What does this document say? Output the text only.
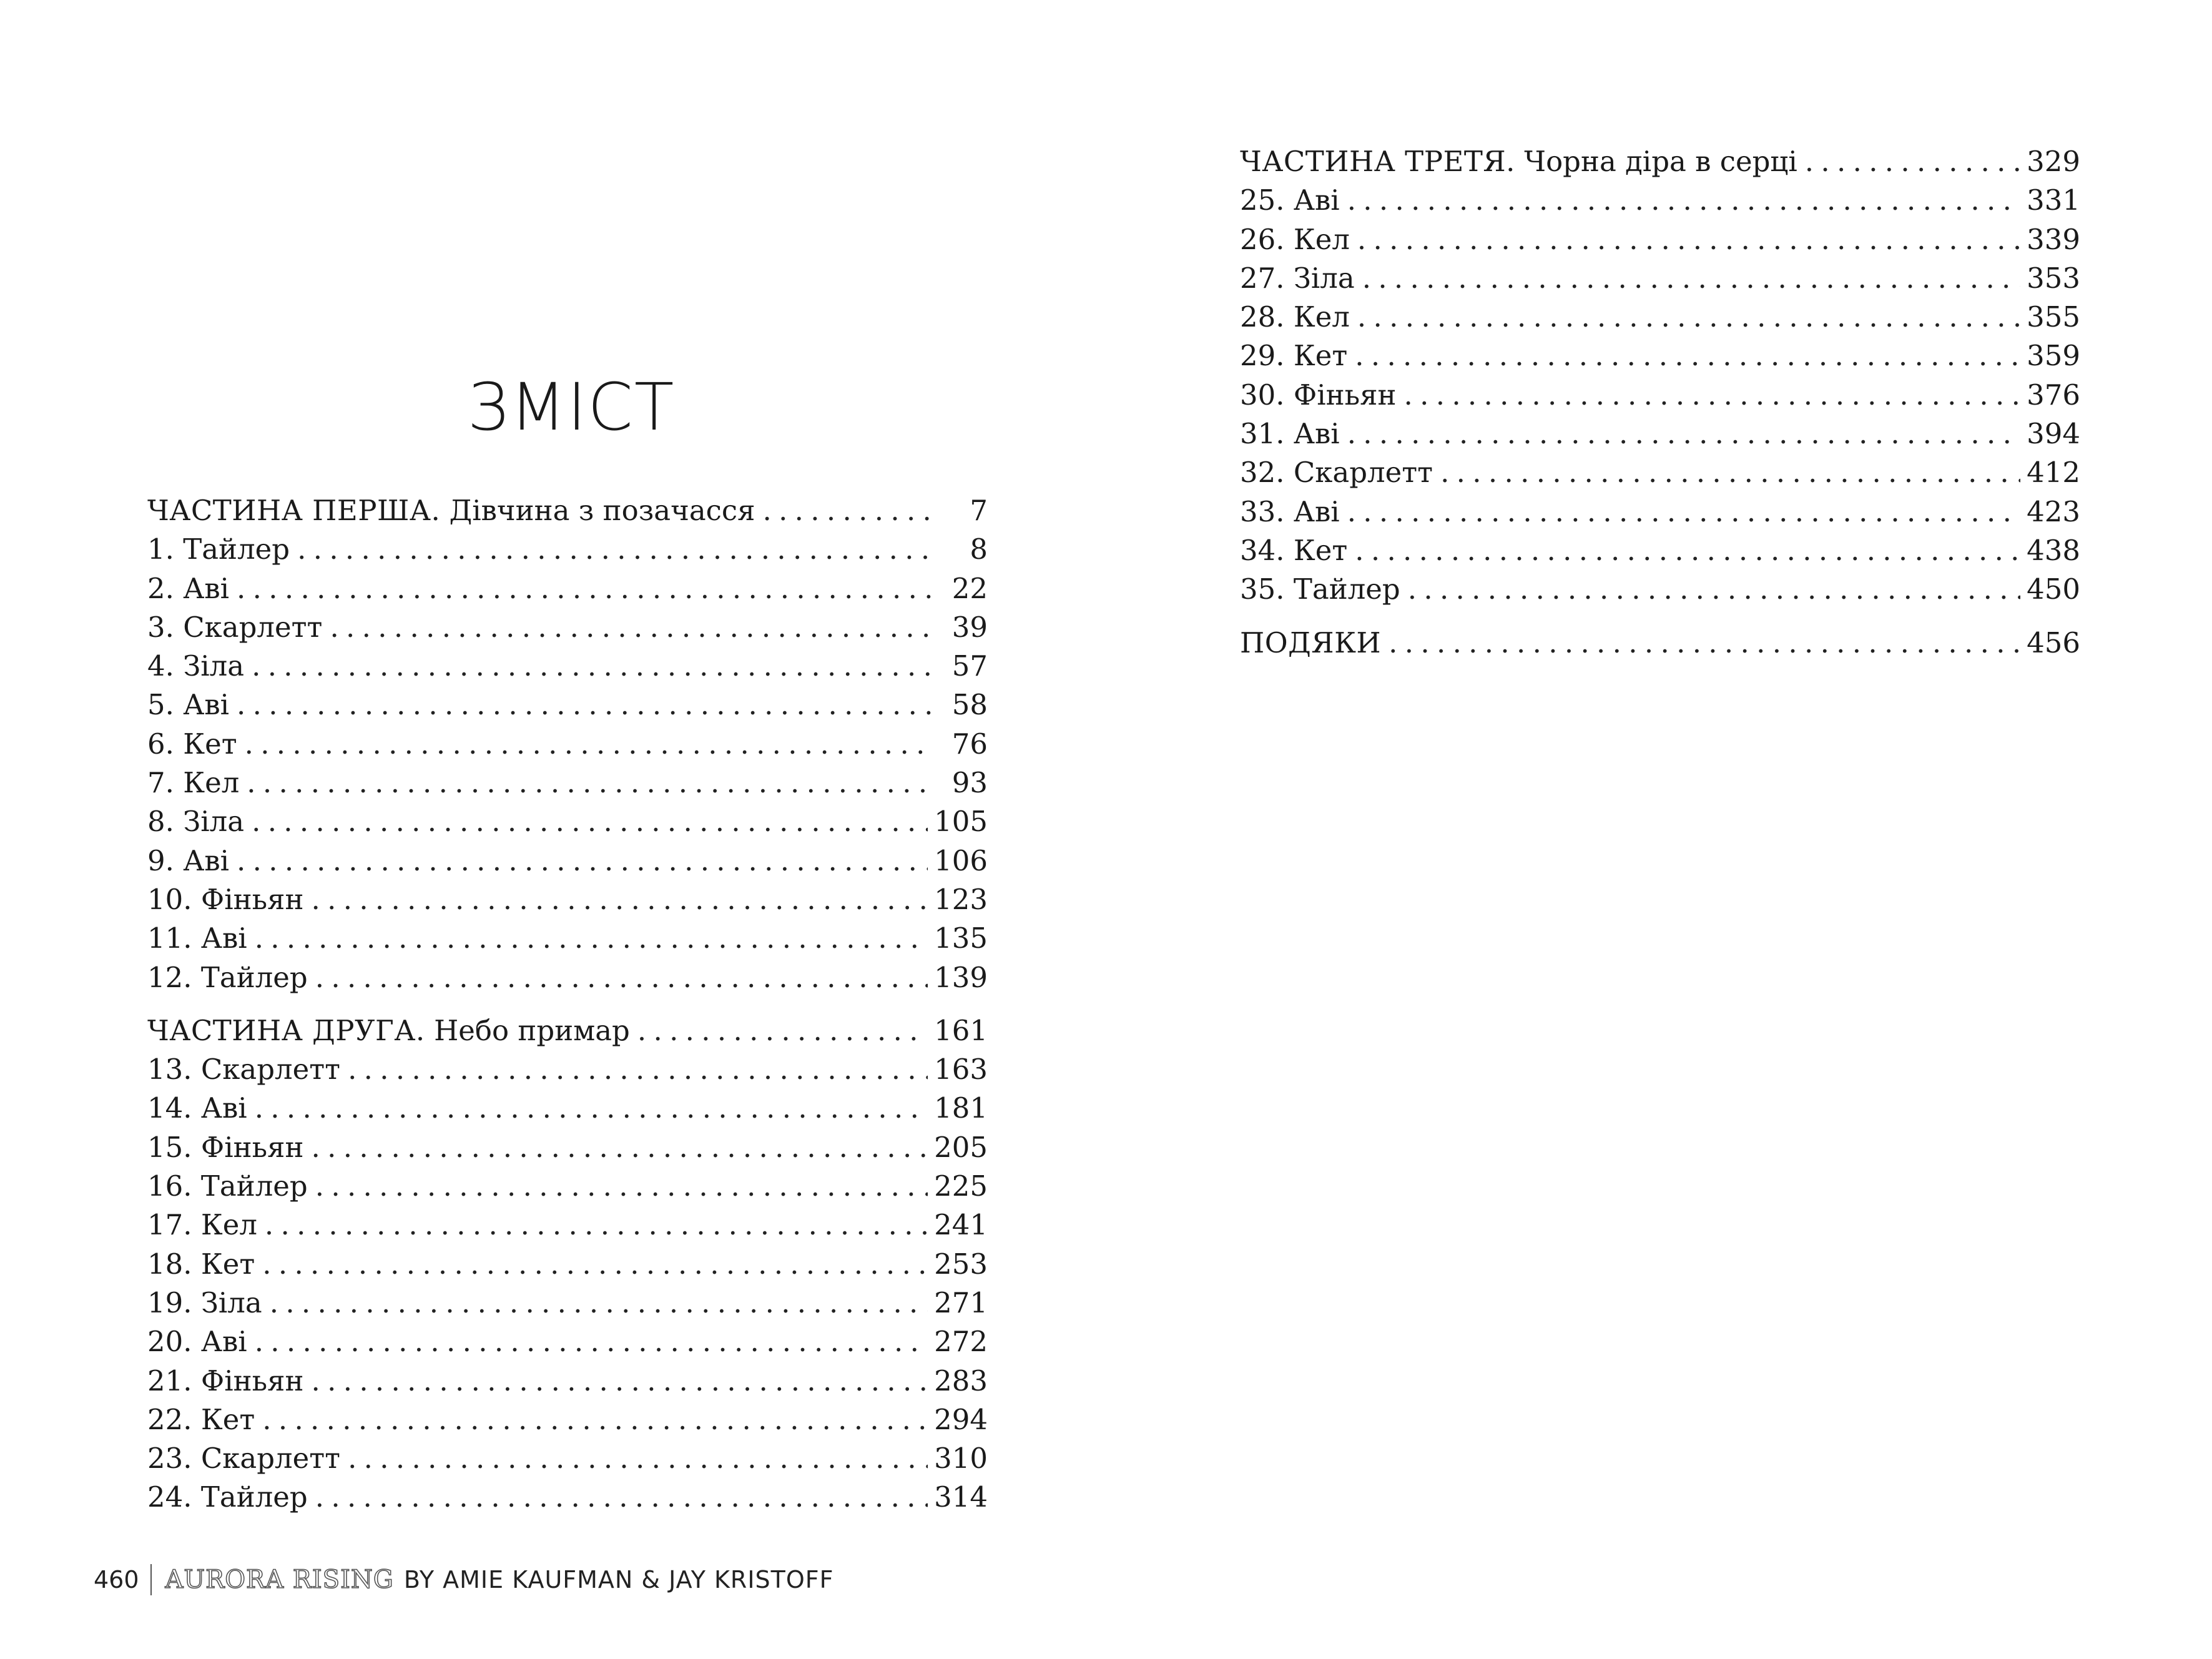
ЗМІСТ
ЧАСТИНА ПЕРША. Дівчина з позачасся . . .	7
1. Тайлер . . .	8
2. Аві . . .	22
3. Скарлетт . . .	39
4. Зіла . . .	57
5. Аві . . .	58
6. Кет . . .	76
7. Кел . . .	93
8. Зіла . . .	105
9. Аві . . .	106
10. Фіньян . . .	123
11. Аві . . .	135
12. Тайлер . . .	139
ЧАСТИНА ДРУГА. Небо примар . . .	161
13. Скарлетт . . .	163
14. Аві . . .	181
15. Фіньян . . .	205
16. Тайлер . . .	225
17. Кел . . .	241
18. Кет . . .	253
19. Зіла . . .	271
20. Аві . . .	272
21. Фіньян . . .	283
22. Кет . . .	294
23. Скарлетт . . .	310
24. Тайлер . . .	314
ЧАСТИНА ТРЕТЯ. Чорна діра в серці . . .	329
25. Аві . . .	331
26. Кел . . .	339
27. Зіла . . .	353
28. Кел . . .	355
29. Кет . . .	359
30. Фіньян . . .	376
31. Аві . . .	394
32. Скарлетт . . .	412
33. Аві . . .	423
34. Кет . . .	438
35. Тайлер . . .	450
ПОДЯКИ . . .	456
460 AURORA RISING BY AMIE KAUFMAN & JAY KRISTOFF
